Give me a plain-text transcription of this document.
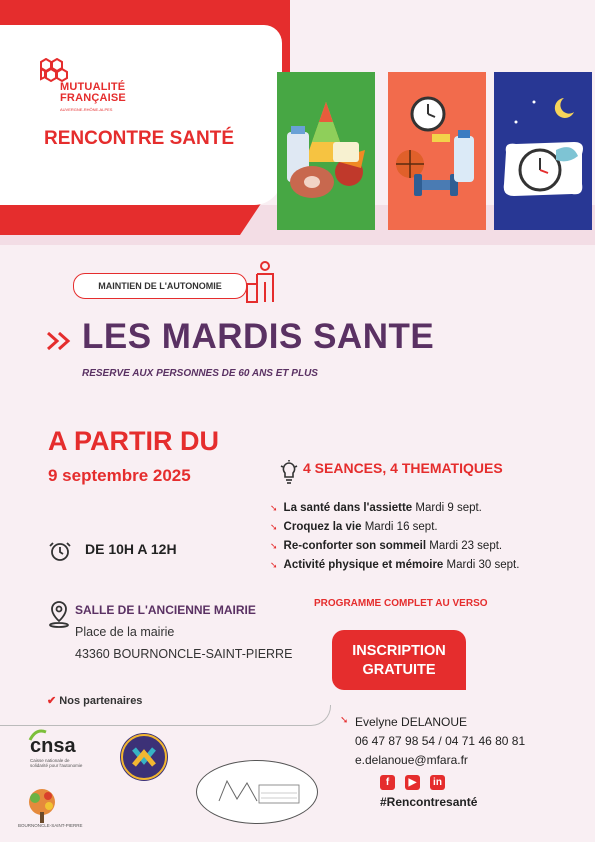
MUTUALITÉ
FRANÇAISE
AUVERGNE-RHÔNE-ALPES
RENCONTRE SANTÉ
MAINTIEN DE L'AUTONOMIE
LES MARDIS SANTE
RESERVE AUX PERSONNES DE 60 ANS ET PLUS
A PARTIR DU
9 septembre 2025	4 SEANCES, 4 THEMATIQUES
➘ La santé dans l'assiette Mardi 9 sept.
➘ Croquez la vie Mardi 16 sept.
➘ Re-conforter son sommeil Mardi 23 sept.
➘ Activité physique et mémoire Mardi 30 sept.
DE 10H A 12H
SALLE DE L'ANCIENNE MAIRIE
Place de la mairie
43360 BOURNONCLE-SAINT-PIERRE
PROGRAMME COMPLET AU VERSO
INSCRIPTION
GRATUITE
✔ Nos partenaires
cnsa
Caisse nationale de
solidarité pour l'autonomie
BOURNONCLE-SAINT-PIERRE
➘ Evelyne DELANOUE
06 47 87 98 54 / 04 71 46 80 81
e.delanoue@mfara.fr
f	▶	in
#Rencontresanté
